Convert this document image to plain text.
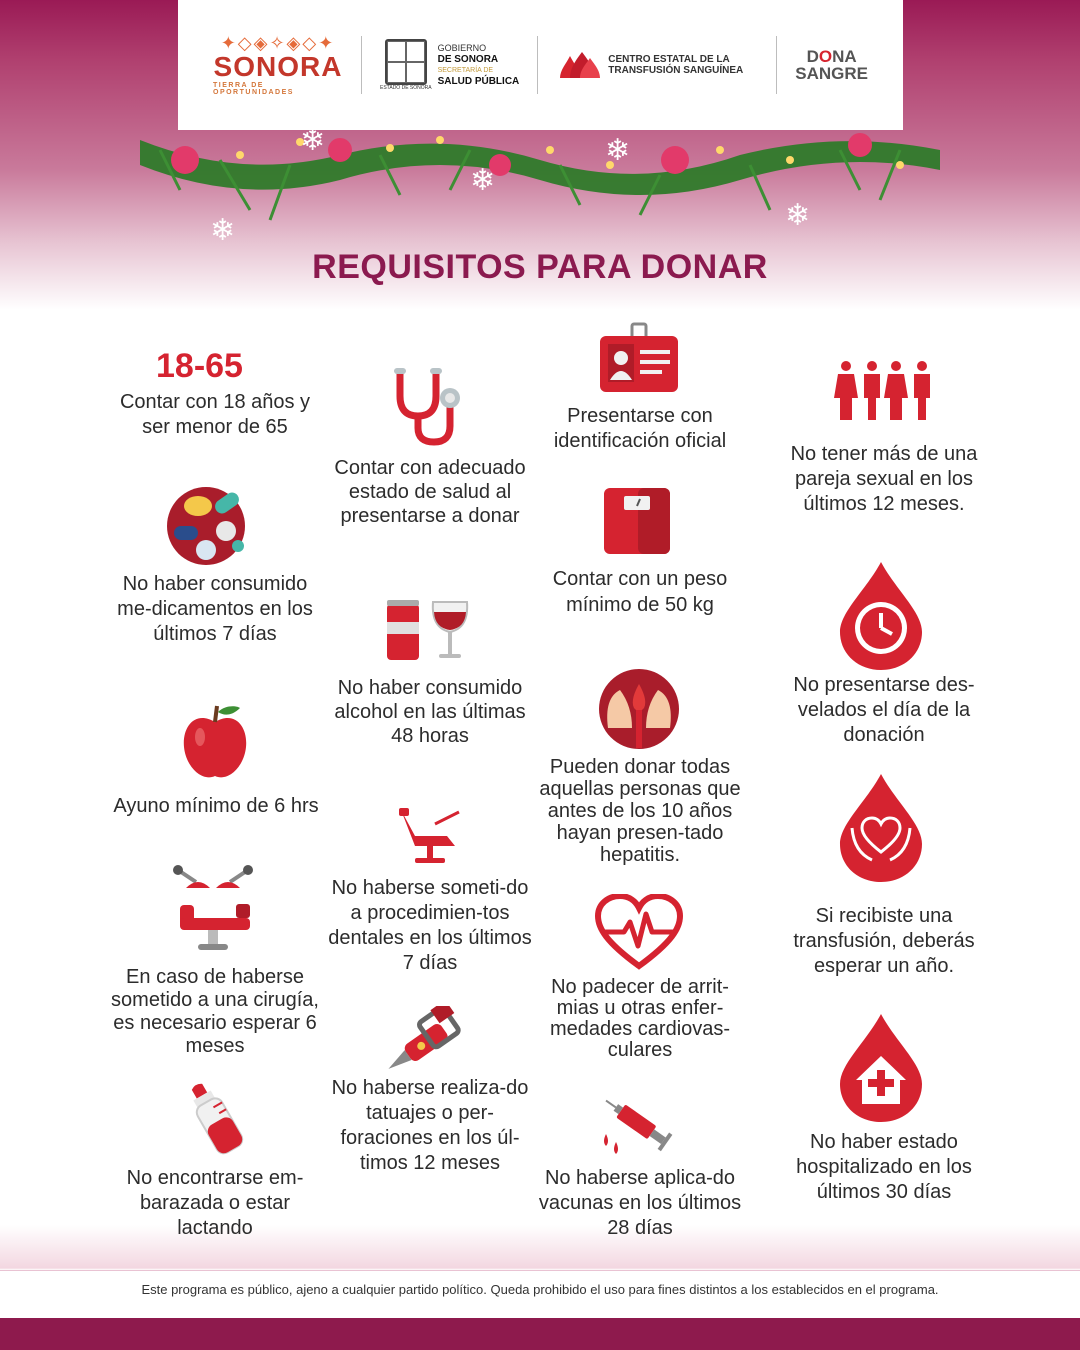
✦◇◈✧◈◇✦
SONORA
TIERRA DE OPORTUNIDADES
ESTADO DE SONORA
GOBIERNO
DE SONORA
SECRETARÍA DE
SALUD PÚBLICA
CENTRO ESTATAL DE LA
TRANSFUSIÓN SANGUÍNEA
DONA
SANGRE
❄
❄
❄
❄
❄
REQUISITOS PARA DONAR
18-65
Contar con 18 años y ser menor de 65
No haber consumido me-dicamentos en los últimos 7 días
Ayuno mínimo de 6 hrs
En caso de haberse sometido a una cirugía, es necesario esperar 6 meses
No encontrarse em-barazada o estar lactando
Contar con adecuado estado de salud al presentarse a donar
No haber consumido alcohol en las últimas 48 horas
No haberse someti-do a procedimien-tos dentales en los últimos 7 días
No haberse realiza-do tatuajes o per-foraciones en los úl-timos 12 meses
Presentarse con identificación oficial
Contar con un peso mínimo de 50 kg
Pueden donar todas aquellas personas que antes de los 10 años hayan presen-tado hepatitis.
No padecer de arrit-mias u otras enfer-medades cardiovas-culares
No haberse aplica-do vacunas en los últimos 28 días
No tener más de una pareja sexual en los últimos 12 meses.
No presentarse des-velados el día de la donación
Si recibiste una transfusión, deberás esperar un año.
No haber estado hospitalizado en los últimos 30 días
Este programa es público, ajeno a cualquier partido político. Queda prohibido el uso para fines distintos a los establecidos en el programa.
